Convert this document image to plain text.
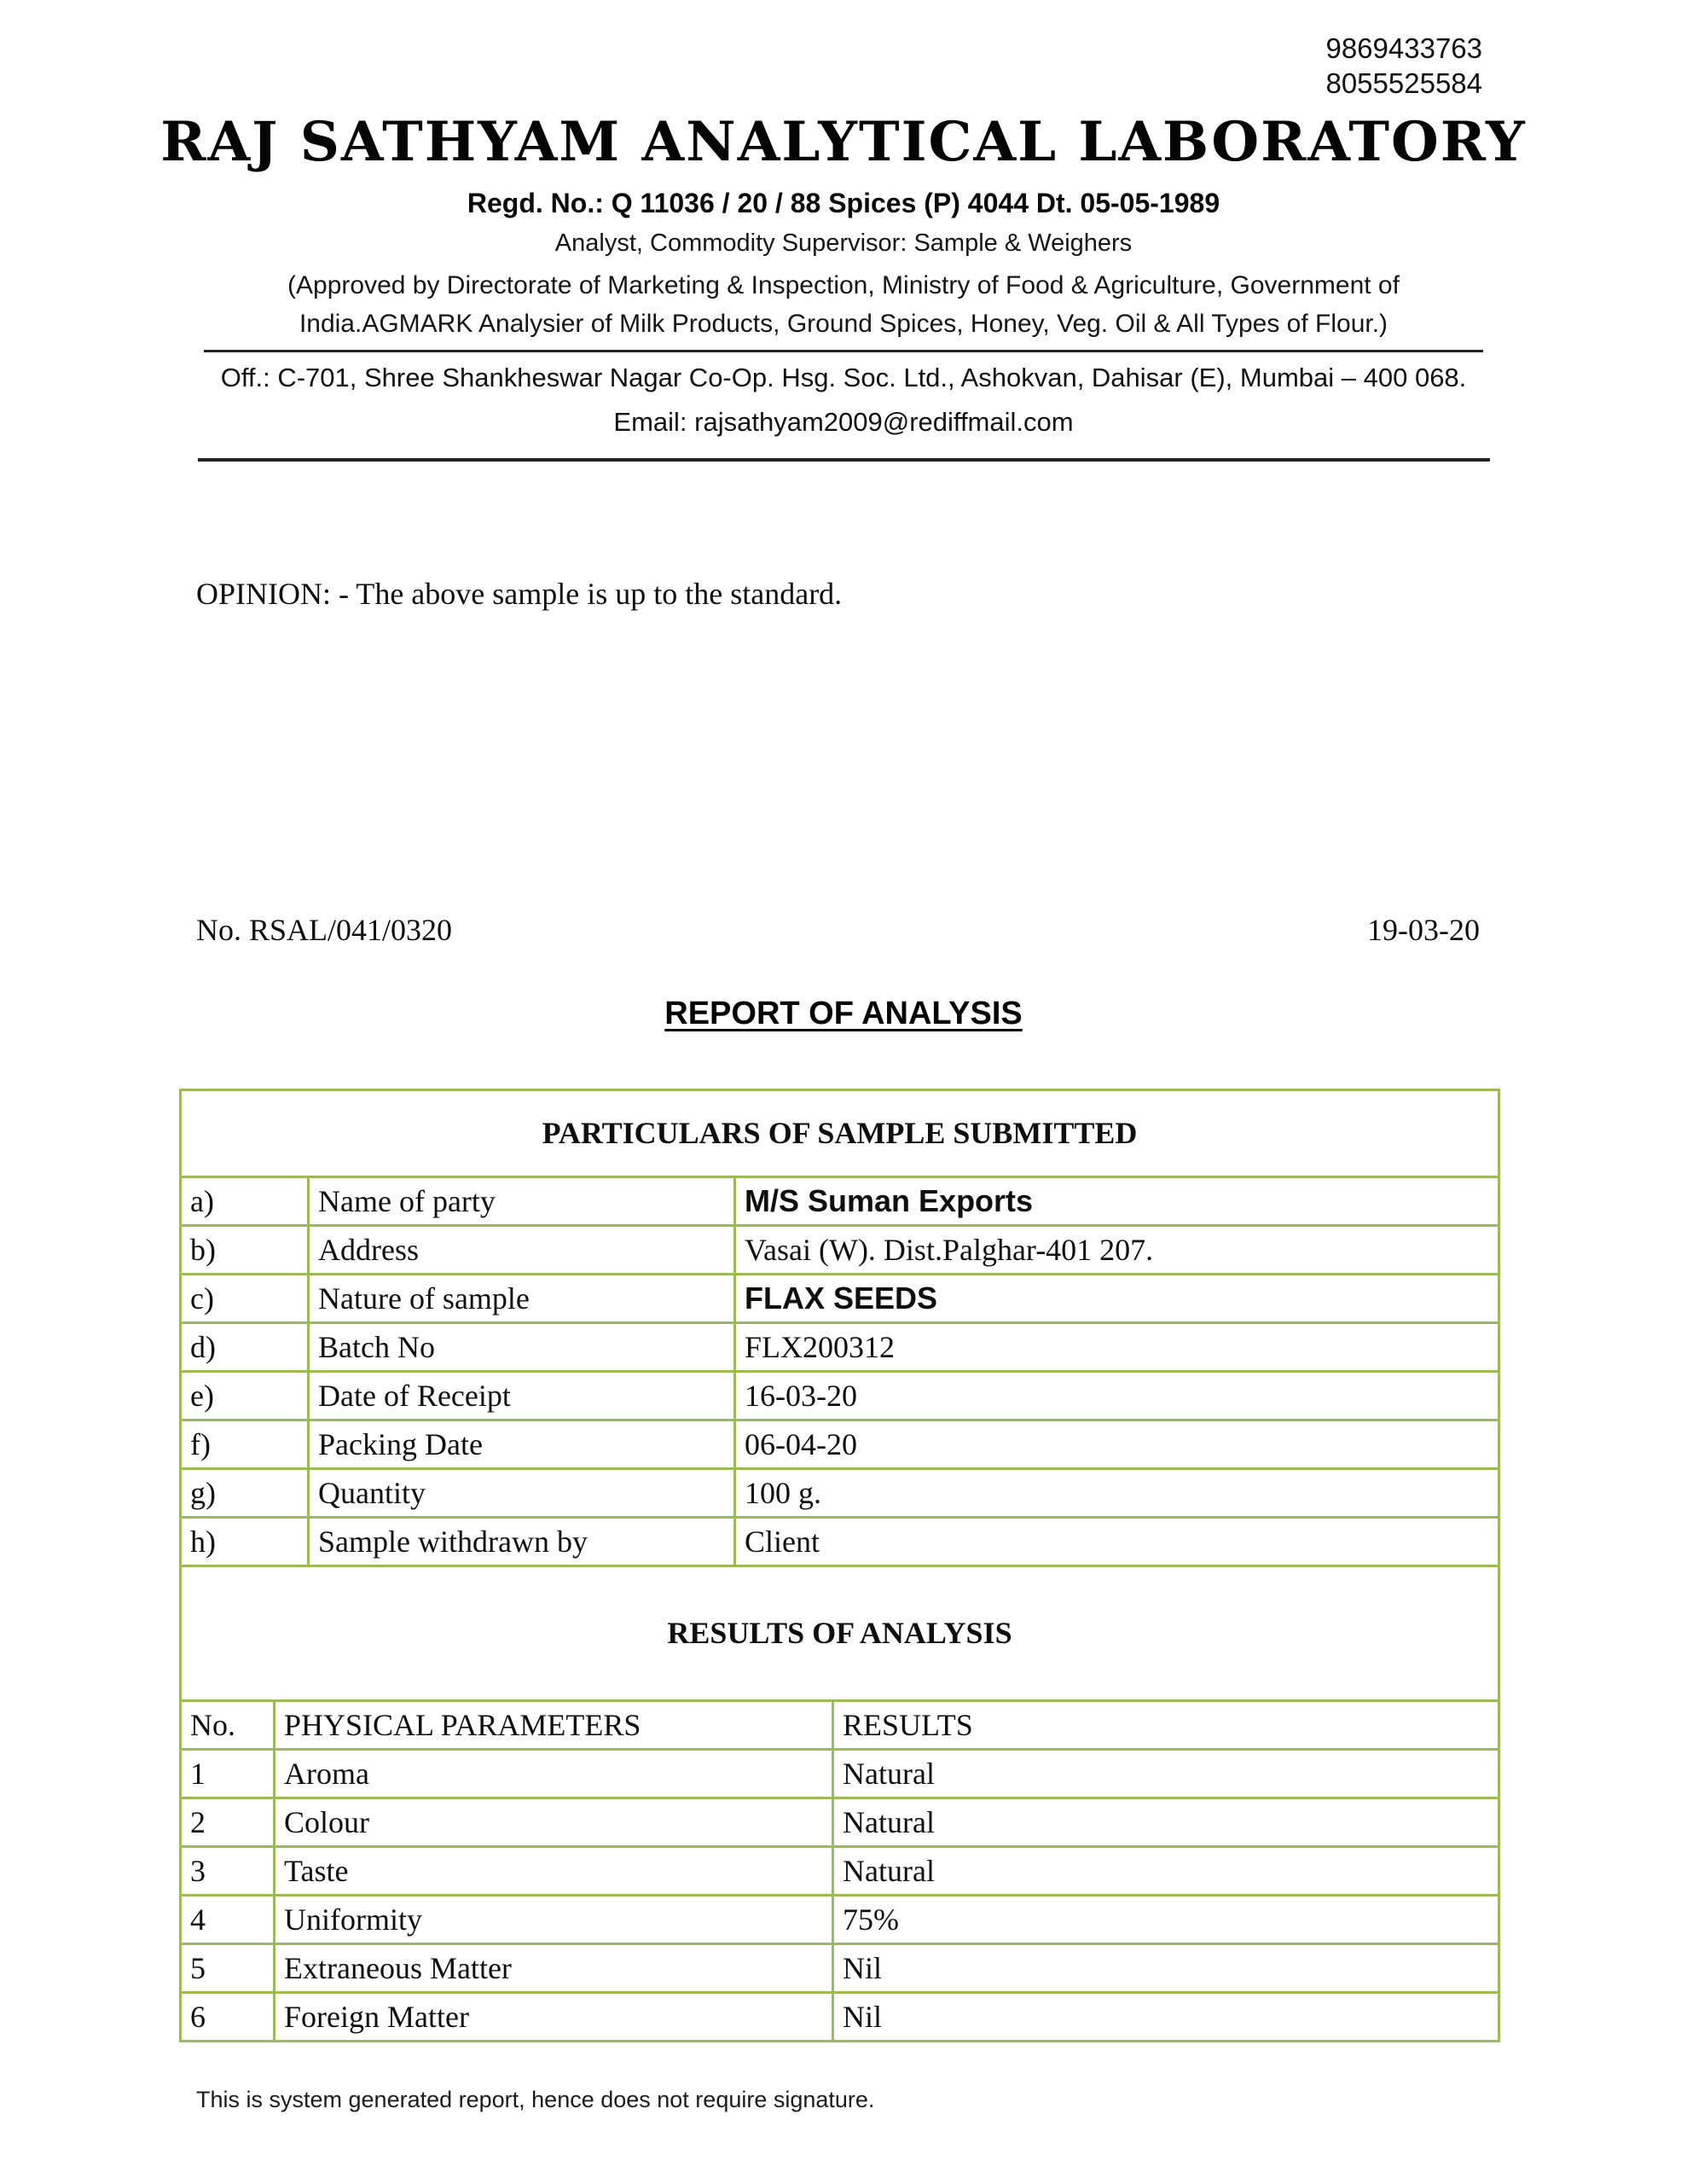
9869433763
8055525584
RAJ SATHYAM ANALYTICAL LABORATORY
Regd. No.: Q 11036 / 20 / 88 Spices (P) 4044 Dt. 05-05-1989
Analyst, Commodity Supervisor: Sample & Weighers
(Approved by Directorate of Marketing & Inspection, Ministry of Food & Agriculture, Government of
India.AGMARK Analysier of Milk Products, Ground Spices, Honey, Veg. Oil & All Types of Flour.)
Off.: C-701, Shree Shankheswar Nagar Co-Op. Hsg. Soc. Ltd., Ashokvan, Dahisar (E), Mumbai – 400 068.
Email: rajsathyam2009@rediffmail.com
OPINION: - The above sample is up to the standard.
No. RSAL/041/0320	19-03-20
REPORT OF ANALYSIS
PARTICULARS OF SAMPLE SUBMITTED		
a)	Name of party	M/S Suman Exports
b)	Address	Vasai (W). Dist.Palghar-401 207.
c)	Nature of sample	FLAX SEEDS
d)	Batch No	FLX200312
e)	Date of Receipt	16-03-20
f)	Packing Date	06-04-20
g)	Quantity	100 g.
h)	Sample withdrawn by	Client
RESULTS OF ANALYSIS		
No.	PHYSICAL PARAMETERS	RESULTS
1	Aroma	Natural
2	Colour	Natural
3	Taste	Natural
4	Uniformity	75%
5	Extraneous Matter	Nil
6	Foreign Matter	Nil
This is system generated report, hence does not require signature.
